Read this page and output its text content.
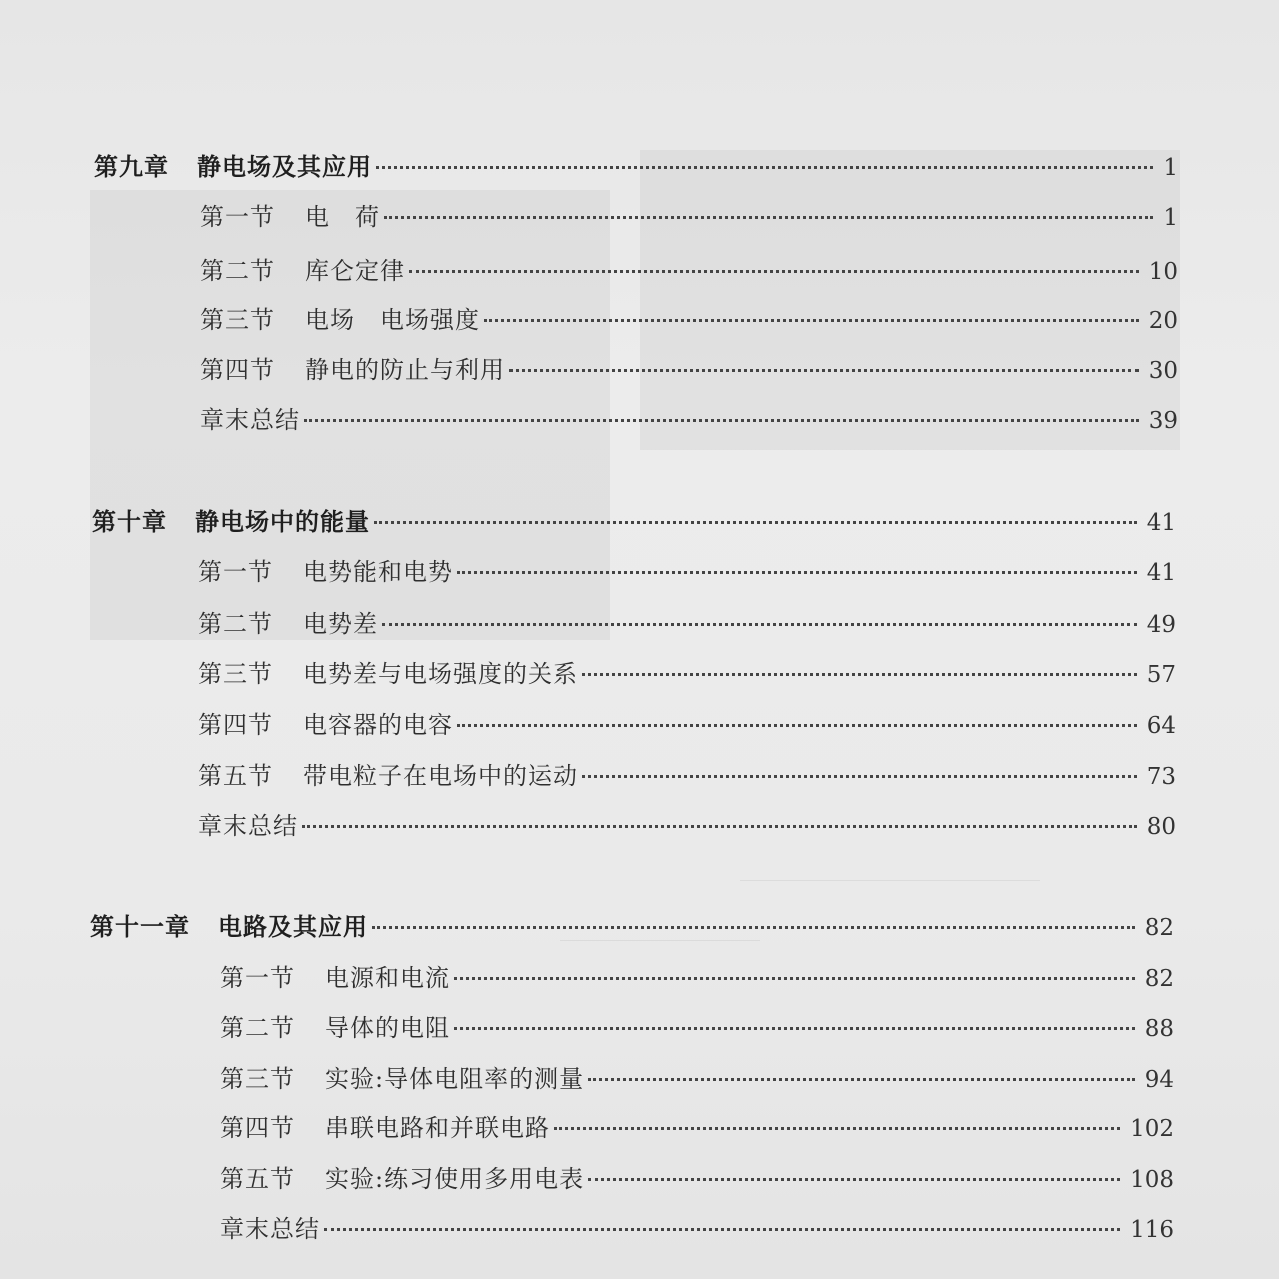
第九章 静电场及其应用	1
第一节 电　荷	1
第二节 库仑定律	10
第三节 电场　电场强度	20
第四节 静电的防止与利用	30
章末总结	39
第十章 静电场中的能量	41
第一节 电势能和电势	41
第二节 电势差	49
第三节 电势差与电场强度的关系	57
第四节 电容器的电容	64
第五节 带电粒子在电场中的运动	73
章末总结	80
第十一章 电路及其应用	82
第一节 电源和电流	82
第二节 导体的电阻	88
第三节 实验:导体电阻率的测量	94
第四节 串联电路和并联电路	102
第五节 实验:练习使用多用电表	108
章末总结	116
